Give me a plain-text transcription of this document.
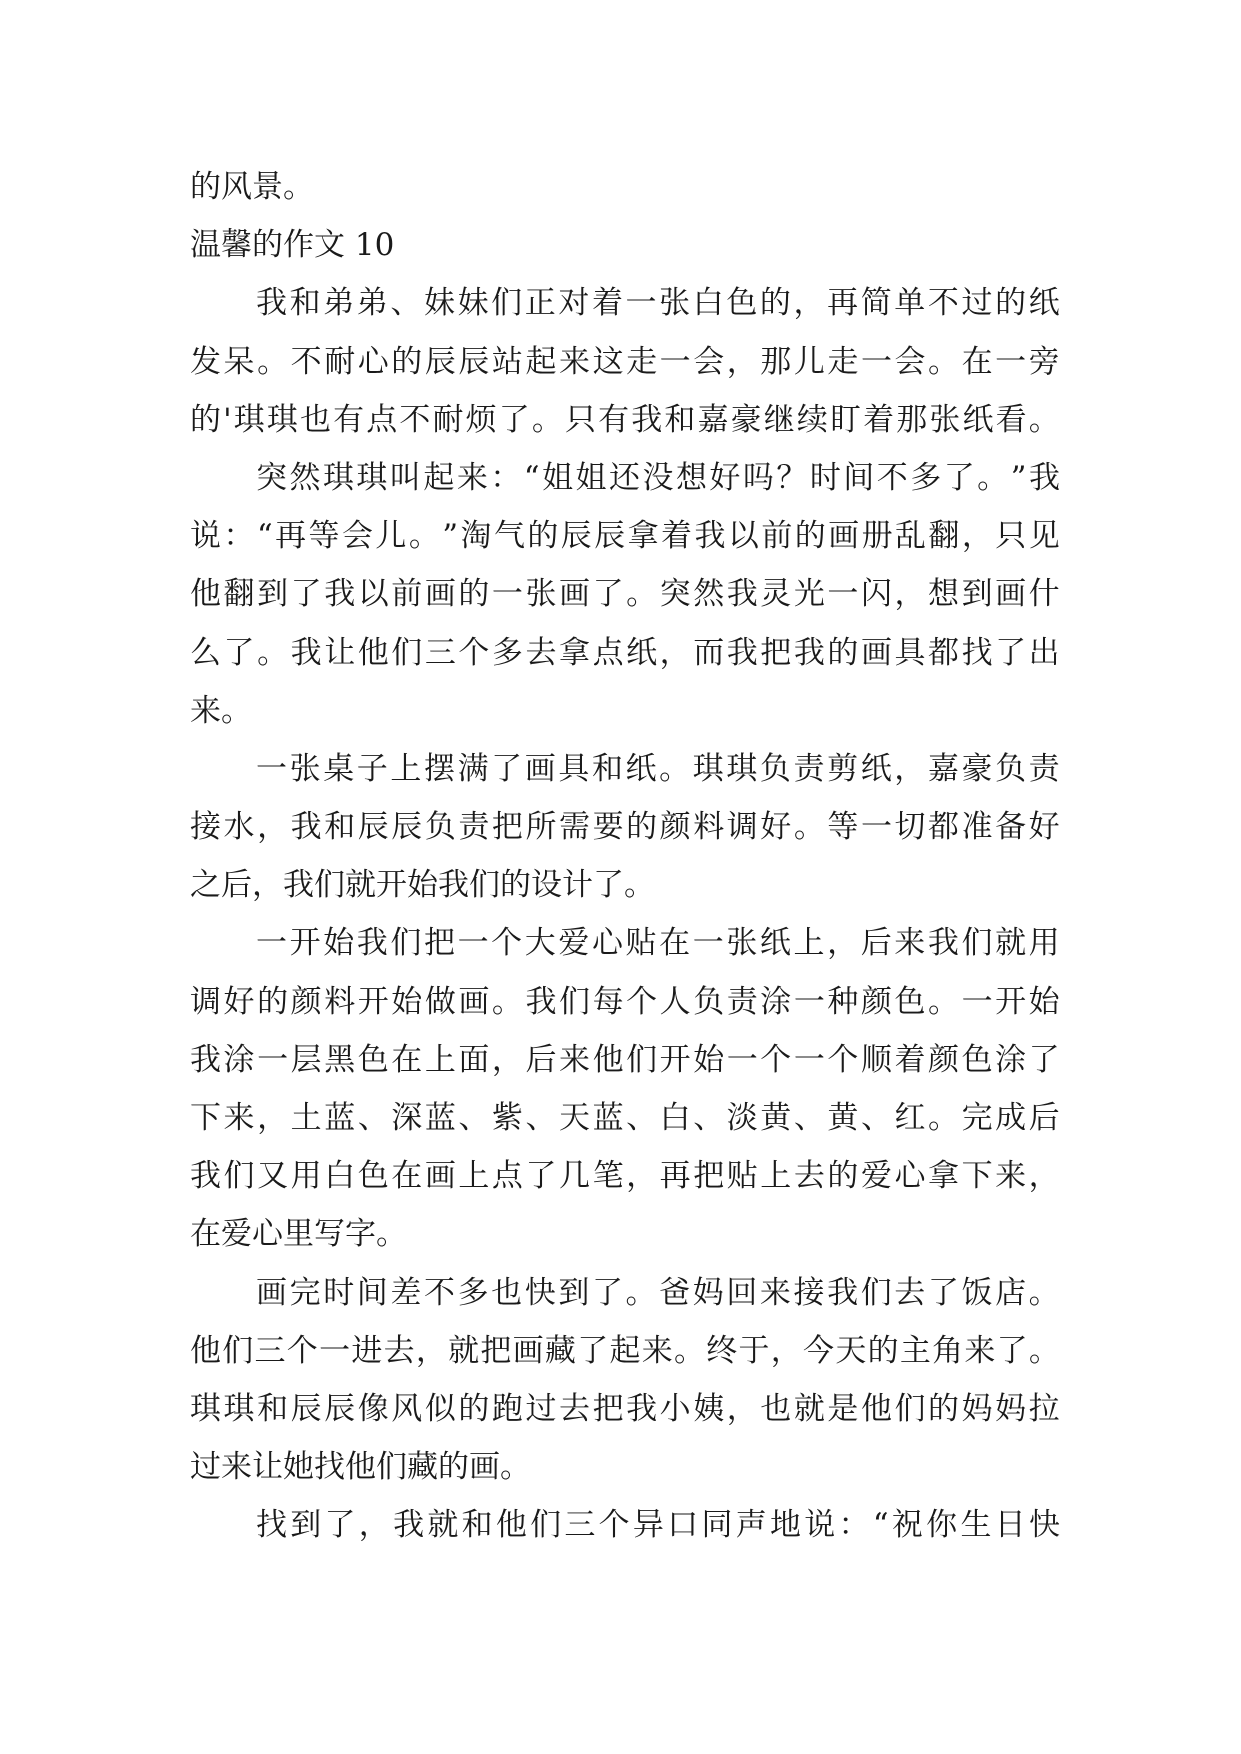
的风景。
温馨的作文 10
我 和 弟 弟 、 妹 妹 们 正 对 着 一 张 白 色 的 ， 再 简 单 不 过 的 纸
发 呆 。 不 耐 心 的 辰 辰 站 起 来 这 走 一 会 ， 那 儿 走 一 会 。 在 一 旁
的 ' 琪 琪 也 有 点 不 耐 烦 了 。 只 有 我 和 嘉 豪 继 续 盯 着 那 张 纸 看 。
突 然 琪 琪 叫 起 来 ： “ 姐 姐 还 没 想 好 吗 ？ 时 间 不 多 了 。 ” 我
说 ： “ 再 等 会 儿 。 ” 淘 气 的 辰 辰 拿 着 我 以 前 的 画 册 乱 翻 ， 只 见
他 翻 到 了 我 以 前 画 的 一 张 画 了 。 突 然 我 灵 光 一 闪 ， 想 到 画 什
么 了 。 我 让 他 们 三 个 多 去 拿 点 纸 ， 而 我 把 我 的 画 具 都 找 了 出
来。
一 张 桌 子 上 摆 满 了 画 具 和 纸 。 琪 琪 负 责 剪 纸 ， 嘉 豪 负 责
接 水 ， 我 和 辰 辰 负 责 把 所 需 要 的 颜 料 调 好 。 等 一 切 都 准 备 好
之后，我们就开始我们的设计了。
一 开 始 我 们 把 一 个 大 爱 心 贴 在 一 张 纸 上 ， 后 来 我 们 就 用
调 好 的 颜 料 开 始 做 画 。 我 们 每 个 人 负 责 涂 一 种 颜 色 。 一 开 始
我 涂 一 层 黑 色 在 上 面 ， 后 来 他 们 开 始 一 个 一 个 顺 着 颜 色 涂 了
下 来 ， 土 蓝 、 深 蓝 、 紫 、 天 蓝 、 白 、 淡 黄 、 黄 、 红 。 完 成 后
我 们 又 用 白 色 在 画 上 点 了 几 笔 ， 再 把 贴 上 去 的 爱 心 拿 下 来 ，
在爱心里写字。
画 完 时 间 差 不 多 也 快 到 了 。 爸 妈 回 来 接 我 们 去 了 饭 店 。
他 们 三 个 一 进 去 ， 就 把 画 藏 了 起 来 。 终 于 ， 今 天 的 主 角 来 了 。
琪 琪 和 辰 辰 像 风 似 的 跑 过 去 把 我 小 姨 ， 也 就 是 他 们 的 妈 妈 拉
过来让她找他们藏的画。
找 到 了 ， 我 就 和 他 们 三 个 异 口 同 声 地 说 ： “ 祝 你 生 日 快
